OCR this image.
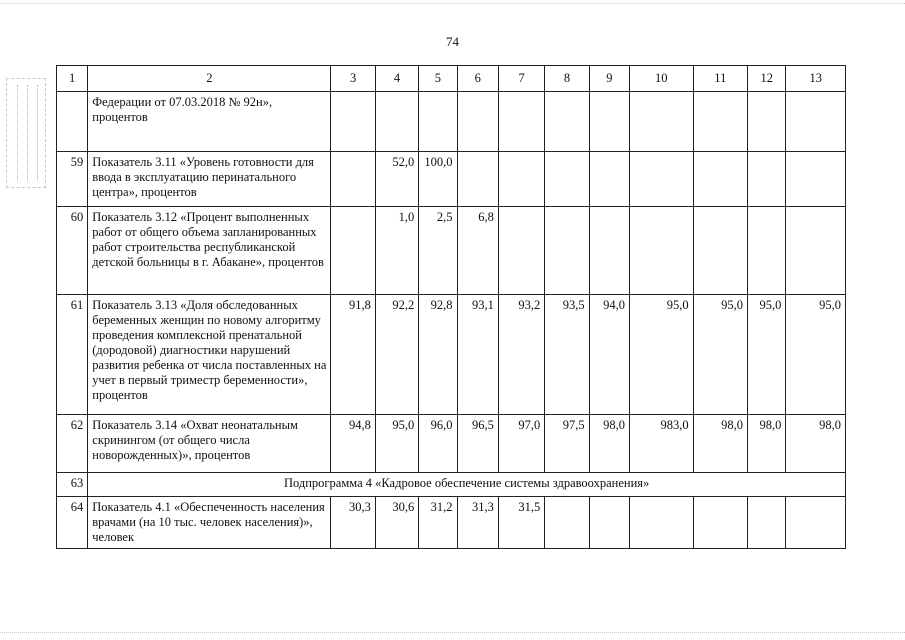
74
1	2	3	4	5	6	7	8	9	10	11	12	13
	Федерации от 07.03.2018 № 92н», процентов											
59	Показатель 3.11 «Уровень готовности для ввода в эксплуатацию перинатального центра», процентов		52,0	100,0								
60	Показатель 3.12 «Процент выполненных работ от общего объема запланированных работ строительства республиканской детской больницы в г. Абакане», процентов		1,0	2,5	6,8							
61	Показатель 3.13 «Доля обследованных беременных женщин по новому алгоритму проведения комплексной пренатальной (дородовой) диагностики нарушений развития ребенка от числа поставленных на учет в первый триместр беременности», процентов	91,8	92,2	92,8	93,1	93,2	93,5	94,0	95,0	95,0	95,0	95,0
62	Показатель 3.14 «Охват неонатальным скринингом (от общего числа новорожденных)», процентов	94,8	95,0	96,0	96,5	97,0	97,5	98,0	983,0	98,0	98,0	98,0
63	Подпрограмма 4 «Кадровое обеспечение системы здравоохранения»											
64	Показатель 4.1 «Обеспеченность населения врачами (на 10 тыс. человек населения)», человек	30,3	30,6	31,2	31,3	31,5						
